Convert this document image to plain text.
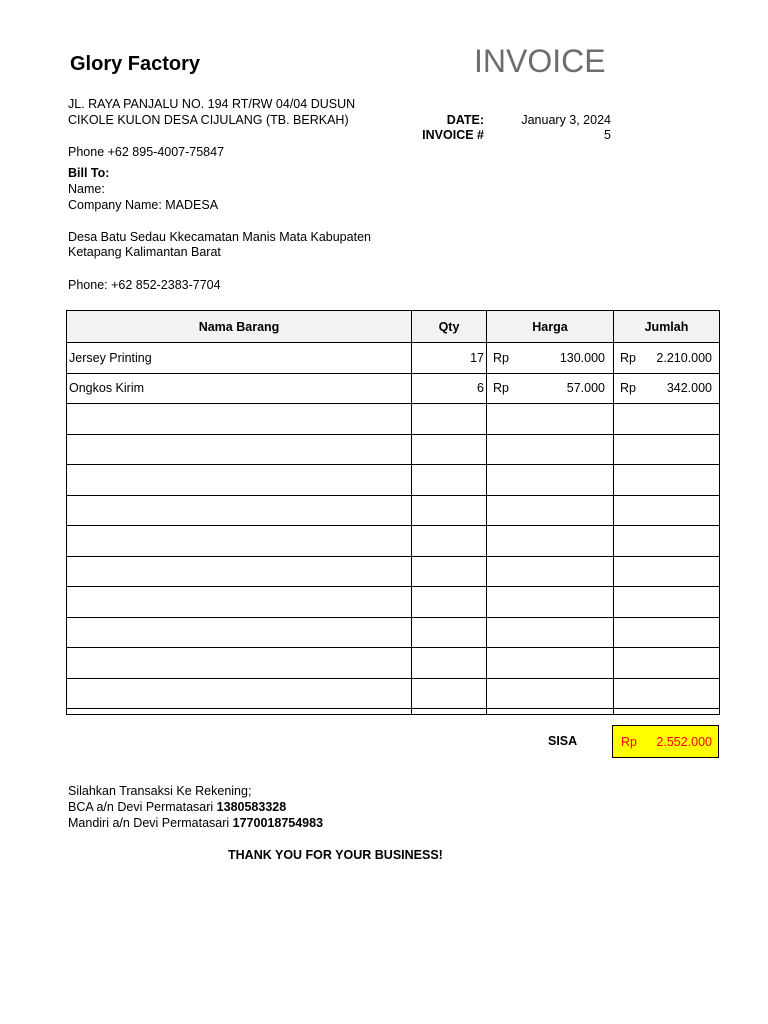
Glory Factory	INVOICE
JL. RAYA PANJALU NO. 194 RT/RW 04/04 DUSUN
CIKOLE KULON DESA CIJULANG (TB. BERKAH)
Phone +62 895-4007-75847
DATE:	January 3, 2024
INVOICE #	5
Bill To:
Name:
Company Name: MADESA
Desa Batu Sedau Kkecamatan Manis Mata Kabupaten
Ketapang Kalimantan Barat
Phone: +62 852-2383-7704
Nama Barang	Qty	Harga	Jumlah
Jersey Printing	17	Rp 130.000	Rp 2.210.000

Ongkos Kirim	6	Rp 57.000	Rp 342.000

SISA	Rp 2.552.000
Silahkan Transaksi Ke Rekening;
BCA a/n Devi Permatasari 1380583328
Mandiri a/n Devi Permatasari 1770018754983
THANK YOU FOR YOUR BUSINESS!
